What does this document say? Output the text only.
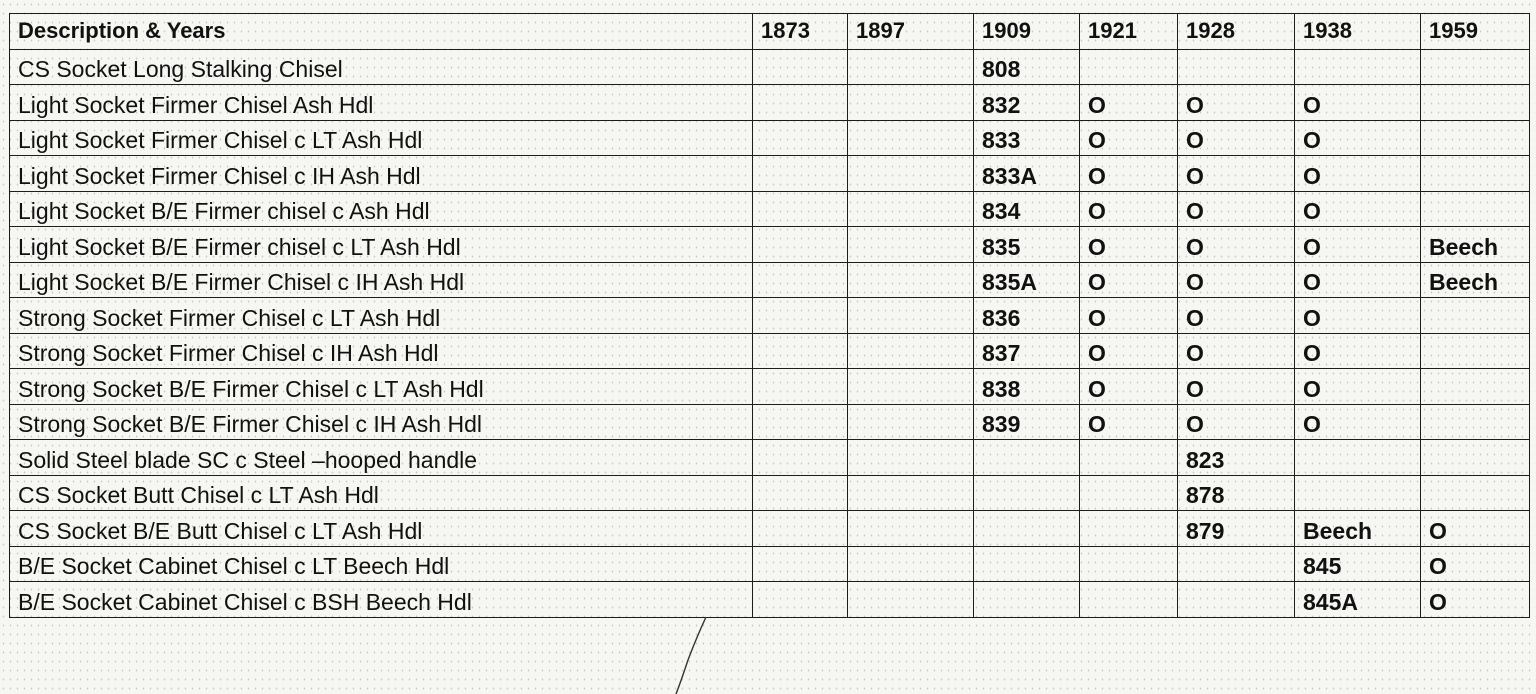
Description & Years	1873	1897	1909	1921	1928	1938	1959
CS Socket Long Stalking Chisel			808				
Light Socket Firmer Chisel Ash Hdl			832	O	O	O	
Light Socket Firmer Chisel c LT Ash Hdl			833	O	O	O	
Light Socket Firmer Chisel c IH Ash Hdl			833A	O	O	O	
Light Socket B/E Firmer chisel c Ash Hdl			834	O	O	O	
Light Socket B/E Firmer chisel c LT Ash Hdl			835	O	O	O	Beech
Light Socket B/E Firmer Chisel c IH Ash Hdl			835A	O	O	O	Beech
Strong Socket Firmer Chisel c LT Ash Hdl			836	O	O	O	
Strong Socket Firmer Chisel c IH Ash Hdl			837	O	O	O	
Strong Socket B/E Firmer Chisel c LT Ash Hdl			838	O	O	O	
Strong Socket B/E Firmer Chisel c IH Ash Hdl			839	O	O	O	
Solid Steel blade SC c Steel –hooped handle					823		
CS Socket Butt Chisel c LT Ash Hdl					878		
CS Socket B/E Butt Chisel c LT Ash Hdl					879	Beech	O
B/E Socket Cabinet Chisel c LT Beech Hdl						845	O
B/E Socket Cabinet Chisel c BSH Beech Hdl						845A	O
